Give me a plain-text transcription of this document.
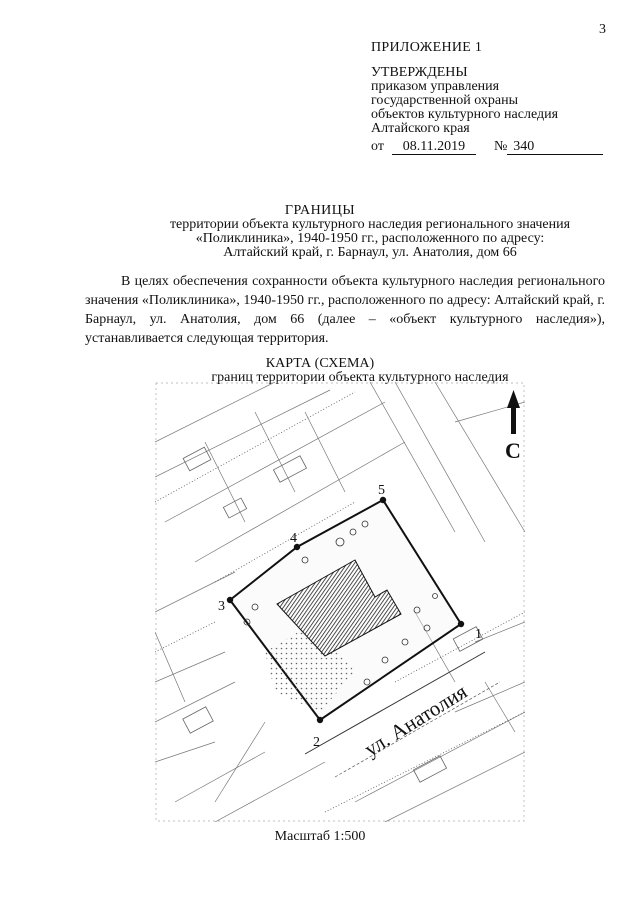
3
ПРИЛОЖЕНИЕ 1
УТВЕРЖДЕНЫ
приказом управления
государственной охраны
объектов культурного наследия
Алтайского края
от	08.11.2019	№ 340
ГРАНИЦЫ
территории объекта культурного наследия регионального значения
«Поликлиника», 1940-1950 гг., расположенного по адресу:
Алтайский край, г. Барнаул, ул. Анатолия, дом 66
В целях обеспечения сохранности объекта культурного наследия регионального значения «Поликлиника», 1940-1950 гг., расположенного по адресу: Алтайский край, г. Барнаул, ул. Анатолия, дом 66 (далее – «объект культурного наследия»), устанавливается следующая территория.
КАРТА (СХЕМА)
границ территории объекта культурного наследия
1
2
3
4
5
ул. Анатолия
С
Масштаб 1:500
